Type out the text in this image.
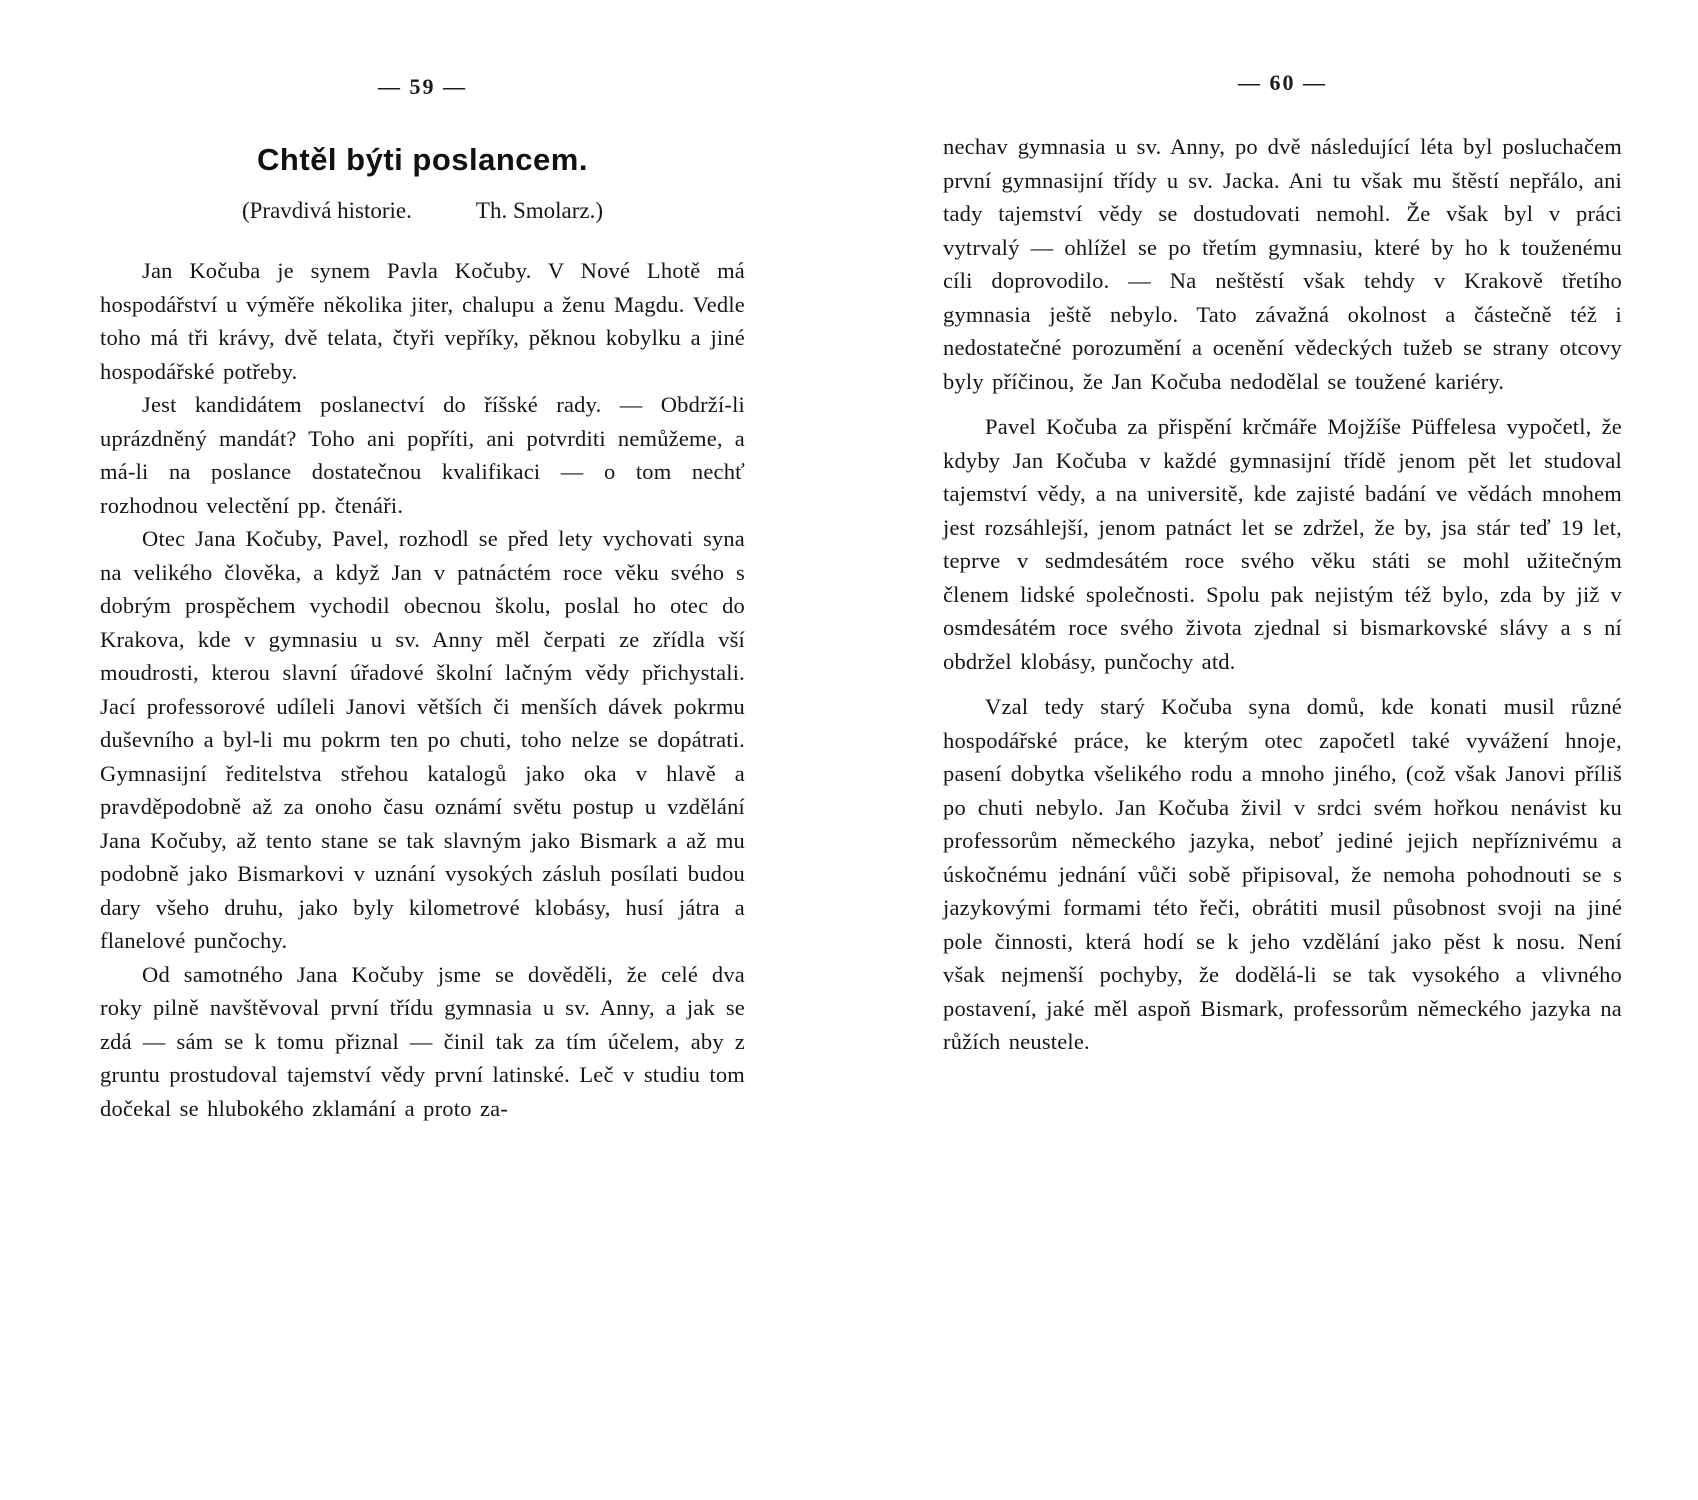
— 59 —
Chtěl býti poslancem.
(Pravdivá historie.	Th. Smolarz.)

Jan Kočuba je synem Pavla Kočuby. V Nové Lhotě má hospodářství u výměře několika jiter, chalupu a ženu Magdu. Vedle toho má tři krávy, dvě telata, čtyři vepříky, pěknou kobylku a jiné hospodářské potřeby.

Jest kandidátem poslanectví do říšské rady. — Obdrží-li uprázdněný mandát? Toho ani popříti, ani potvrditi nemůžeme, a má-li na poslance dostatečnou kvalifikaci — o tom nechť rozhodnou velectění pp. čtenáři.

Otec Jana Kočuby, Pavel, rozhodl se před lety vychovati syna na velikého člověka, a když Jan v patnáctém roce věku svého s dobrým prospěchem vychodil obecnou školu, poslal ho otec do Krakova, kde v gymnasiu u sv. Anny měl čerpati ze zřídla vší moudrosti, kterou slavní úřadové školní lačným vědy přichystali. Jací professorové udíleli Janovi větších či menších dávek pokrmu duševního a byl-li mu pokrm ten po chuti, toho nelze se dopátrati. Gymnasijní ředitelstva střehou katalogů jako oka v hlavě a pravděpodobně až za onoho času oznámí světu postup u vzdělání Jana Kočuby, až tento stane se tak slavným jako Bismark a až mu podobně jako Bismarkovi v uznání vysokých zásluh posílati budou dary všeho druhu, jako byly kilometrové klobásy, husí játra a flanelové punčochy.

Od samotného Jana Kočuby jsme se dověděli, že celé dva roky pilně navštěvoval první třídu gymnasia u sv. Anny, a jak se zdá — sám se k tomu přiznal — činil tak za tím účelem, aby z gruntu prostudoval tajemství vědy první latinské. Leč v studiu tom dočekal se hlubokého zklamání a proto za-

— 60 —

nechav gymnasia u sv. Anny, po dvě následující léta byl posluchačem první gymnasijní třídy u sv. Jacka. Ani tu však mu štěstí nepřálo, ani tady tajemství vědy se dostudovati nemohl. Že však byl v práci vytrvalý — ohlížel se po třetím gymnasiu, které by ho k touženému cíli doprovodilo. — Na neštěstí však tehdy v Krakově třetího gymnasia ještě nebylo. Tato závažná okolnost a částečně též i nedostatečné porozumění a ocenění vědeckých tužeb se strany otcovy byly příčinou, že Jan Kočuba nedodělal se toužené kariéry.

Pavel Kočuba za přispění krčmáře Mojžíše Püffelesa vypočetl, že kdyby Jan Kočuba v každé gymnasijní třídě jenom pět let studoval tajemství vědy, a na universitě, kde zajisté badání ve vědách mnohem jest rozsáhlejší, jenom patnáct let se zdržel, že by, jsa stár teď 19 let, teprve v sedmdesátém roce svého věku státi se mohl užitečným členem lidské společnosti. Spolu pak nejistým též bylo, zda by již v osmdesátém roce svého života zjednal si bismarkovské slávy a s ní obdržel klobásy, punčochy atd.

Vzal tedy starý Kočuba syna domů, kde konati musil různé hospodářské práce, ke kterým otec započetl také vyvážení hnoje, pasení dobytka všelikého rodu a mnoho jiného, (což však Janovi příliš po chuti nebylo. Jan Kočuba živil v srdci svém hořkou nenávist ku professorům německého jazyka, neboť jediné jejich nepříznivému a úskočnému jednání vůči sobě připisoval, že nemoha pohodnouti se s jazykovými formami této řeči, obrátiti musil působnost svoji na jiné pole činnosti, která hodí se k jeho vzdělání jako pěst k nosu. Není však nejmenší pochyby, že dodělá-li se tak vysokého a vlivného postavení, jaké měl aspoň Bismark, professorům německého jazyka na růžích neustele.
